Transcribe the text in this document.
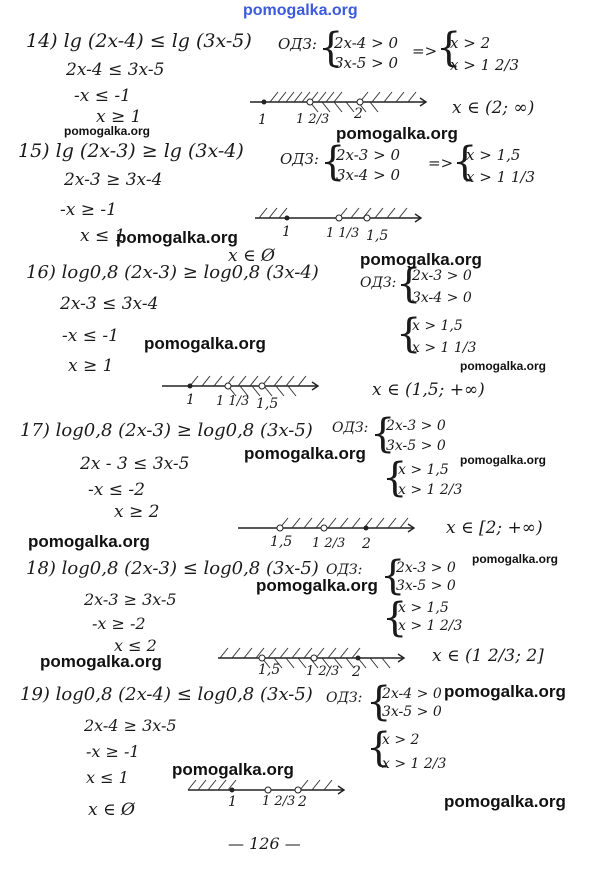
pomogalka.org
14) lg (2x-4) ≤ lg (3x-5)
2x-4 ≤ 3x-5
-x ≤ -1
x ≥ 1
ОДЗ: {
2x-4 > 0
3x-5 > 0
=>
{
x > 2
x > 1 2/3
1 1 2/3 2	x ∈ (2; ∞)
pomogalka.org	pomogalka.org
15) lg (2x-3) ≥ lg (3x-4)
2x-3 ≥ 3x-4
-x ≥ -1
x ≤ 1
ОДЗ: {
2x-3 > 0
3x-4 > 0
=>
{
x > 1,5
x > 1 1/3
1	1 1/3 1,5
pomogalka.org
x ∈ Ø
16) log0,8 (2x-3) ≥ log0,8 (3x-4)
2x-3 ≤ 3x-4
-x ≤ -1
x ≥ 1
ОДЗ: {
2x-3 > 0
3x-4 > 0
{
x > 1,5
x > 1 1/3
1 1 1/3 1,5
x ∈ (1,5; +∞)
pomogalka.org
pomogalka.org
pomogalka.org
17) log0,8 (2x-3) ≥ log0,8 (3x-5)
2x - 3 ≤ 3x-5
-x ≤ -2
x ≥ 2
ОДЗ: {
2x-3 > 0
3x-5 > 0
{
x > 1,5
x > 1 2/3
1,5 1 2/3 2
x ∈ [2; +∞)
pomogalka.org	pomogalka.org
pomogalka.org
pomogalka.org
18) log0,8 (2x-3) ≤ log0,8 (3x-5)
2x-3 ≥ 3x-5
-x ≥ -2
x ≤ 2
ОДЗ: {
2x-3 > 0
3x-5 > 0
{
x > 1,5
x > 1 2/3
1,5 1 2/3 2
x ∈ (1 2/3; 2]
pomogalka.org
pomogalka.org
19) log0,8 (2x-4) ≤ log0,8 (3x-5)
2x-4 ≥ 3x-5
-x ≥ -1
x ≤ 1
x ∈ Ø
ОДЗ: {
2x-4 > 0
3x-5 > 0
{
x > 2
x > 1 2/3
1 1 2/3 2
pomogalka.org
pomogalka.org
pomogalka.org
— 126 —
